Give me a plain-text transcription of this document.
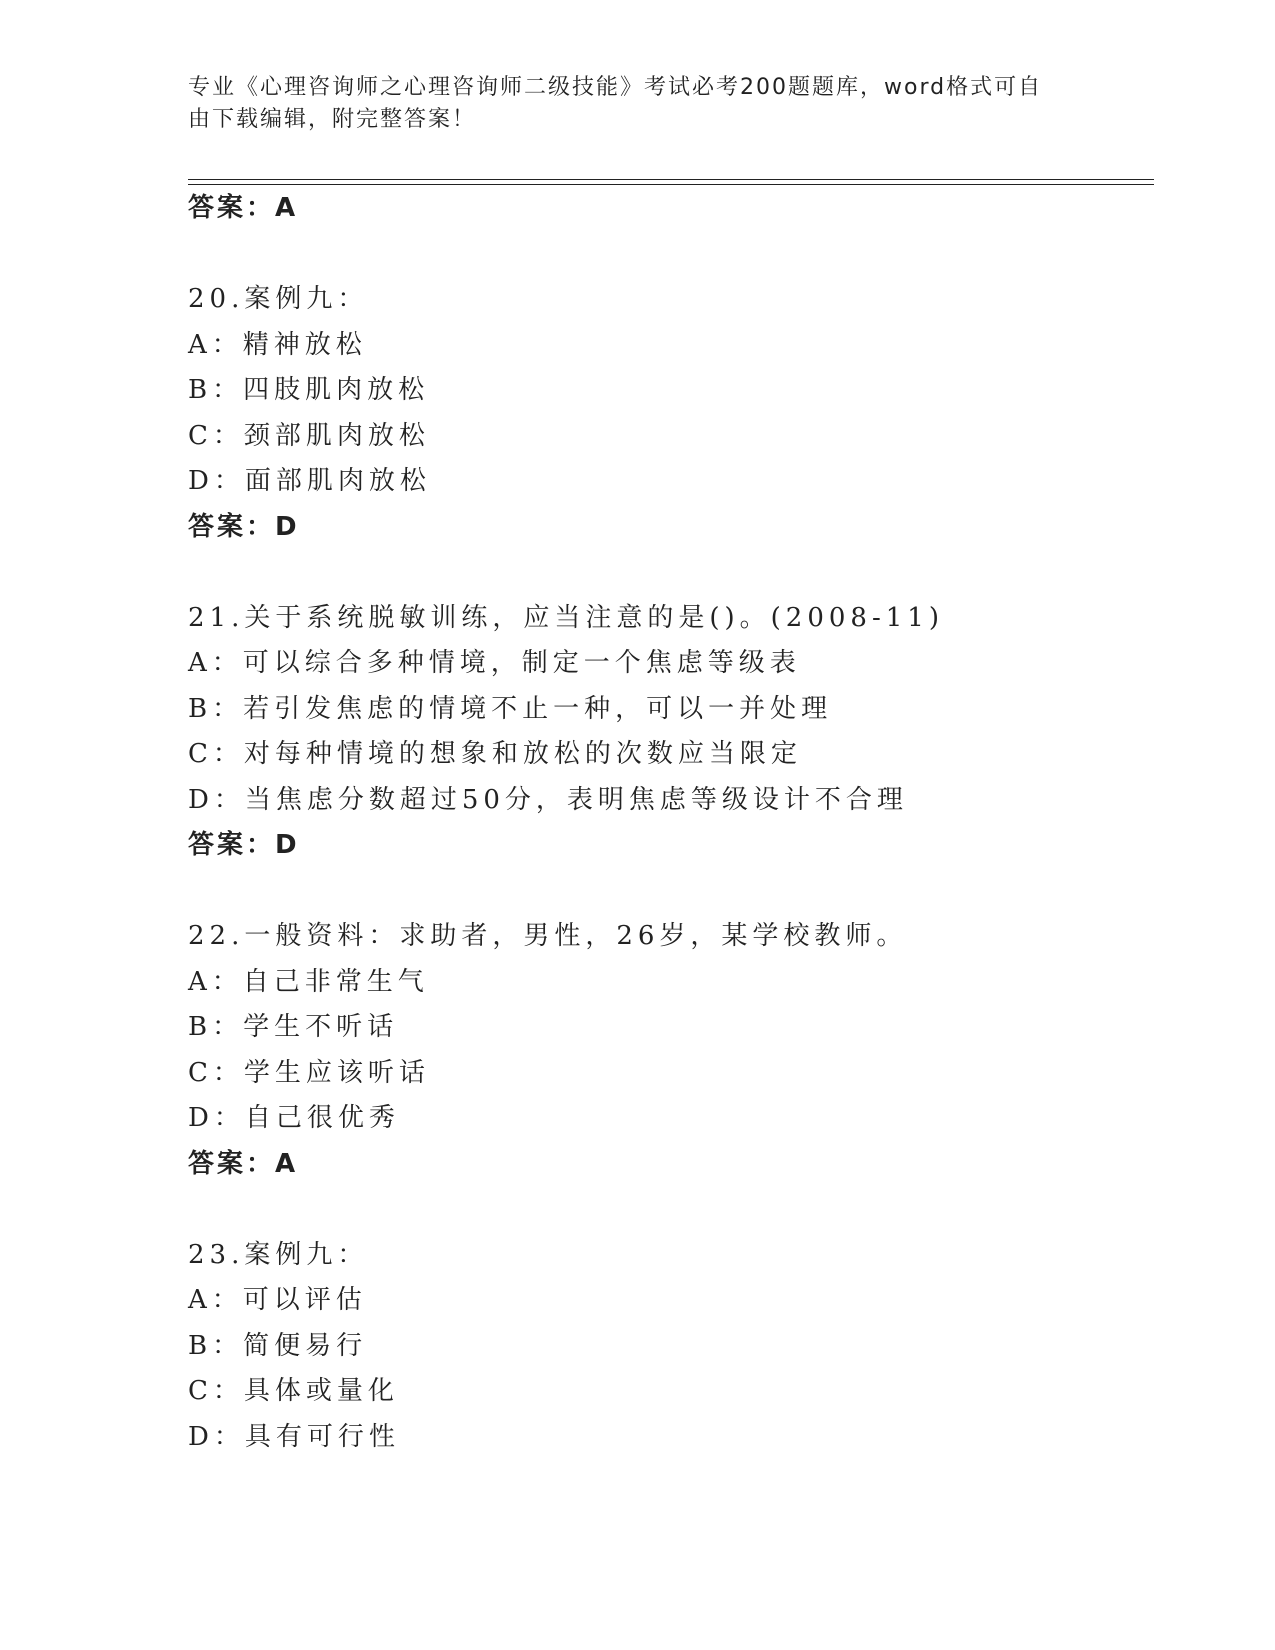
专业《心理咨询师之心理咨询师二级技能》考试必考200题题库，word格式可自
由下载编辑，附完整答案！
答案：A
20.案例九：
A：精神放松
B：四肢肌肉放松
C：颈部肌肉放松
D：面部肌肉放松
答案：D
21.关于系统脱敏训练，应当注意的是()。(2008-11)
A：可以综合多种情境，制定一个焦虑等级表
B：若引发焦虑的情境不止一种，可以一并处理
C：对每种情境的想象和放松的次数应当限定
D：当焦虑分数超过50分，表明焦虑等级设计不合理
答案：D
22.一般资料：求助者，男性，26岁，某学校教师。
A：自己非常生气
B：学生不听话
C：学生应该听话
D：自己很优秀
答案：A
23.案例九：
A：可以评估
B：简便易行
C：具体或量化
D：具有可行性
